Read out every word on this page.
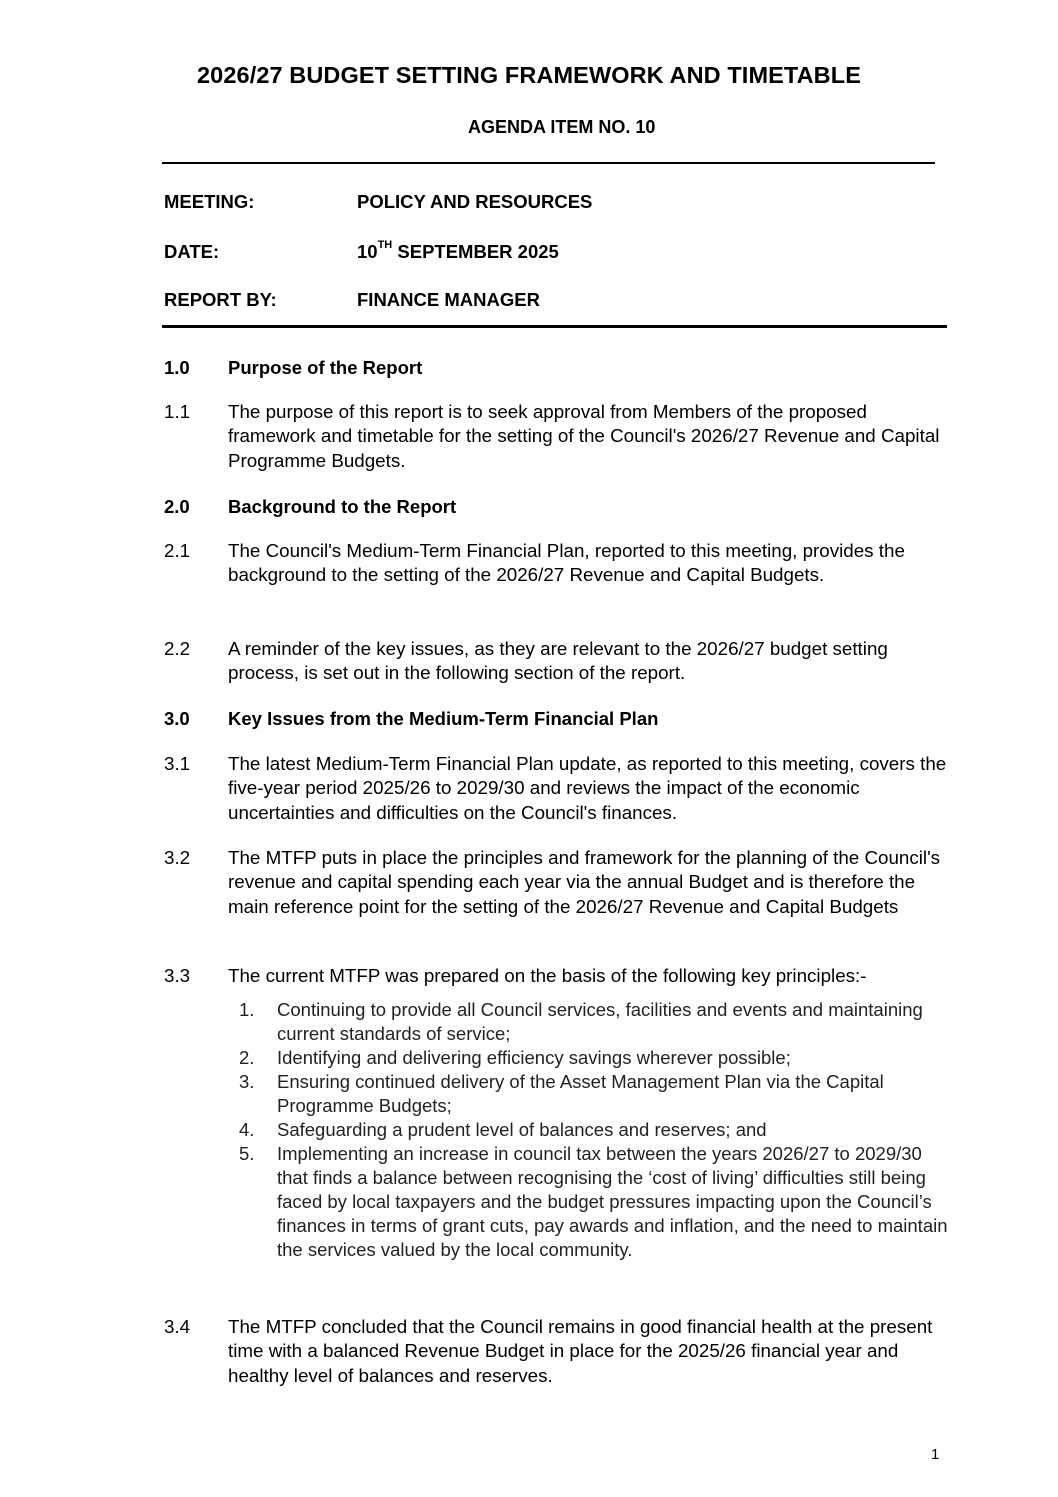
2026/27 BUDGET SETTING FRAMEWORK AND TIMETABLE
AGENDA ITEM NO. 10
MEETING:	POLICY AND RESOURCES
DATE:	10TH SEPTEMBER 2025
REPORT BY:	FINANCE MANAGER
1.0 Purpose of the Report
1.1 The purpose of this report is to seek approval from Members of the proposed framework and timetable for the setting of the Council's 2026/27 Revenue and Capital Programme Budgets.
2.0 Background to the Report
2.1 The Council's Medium-Term Financial Plan, reported to this meeting, provides the background to the setting of the 2026/27 Revenue and Capital Budgets.
2.2 A reminder of the key issues, as they are relevant to the 2026/27 budget setting process, is set out in the following section of the report.
3.0 Key Issues from the Medium-Term Financial Plan
3.1 The latest Medium-Term Financial Plan update, as reported to this meeting, covers the five-year period 2025/26 to 2029/30 and reviews the impact of the economic uncertainties and difficulties on the Council's finances.
3.2 The MTFP puts in place the principles and framework for the planning of the Council's revenue and capital spending each year via the annual Budget and is therefore the main reference point for the setting of the 2026/27 Revenue and Capital Budgets
3.3 The current MTFP was prepared on the basis of the following key principles:-
1. Continuing to provide all Council services, facilities and events and maintaining current standards of service;
2. Identifying and delivering efficiency savings wherever possible;
3. Ensuring continued delivery of the Asset Management Plan via the Capital Programme Budgets;
4. Safeguarding a prudent level of balances and reserves; and
5. Implementing an increase in council tax between the years 2026/27 to 2029/30 that finds a balance between recognising the ‘cost of living’ difficulties still being faced by local taxpayers and the budget pressures impacting upon the Council’s finances in terms of grant cuts, pay awards and inflation, and the need to maintain the services valued by the local community.
3.4 The MTFP concluded that the Council remains in good financial health at the present time with a balanced Revenue Budget in place for the 2025/26 financial year and healthy level of balances and reserves.
1
